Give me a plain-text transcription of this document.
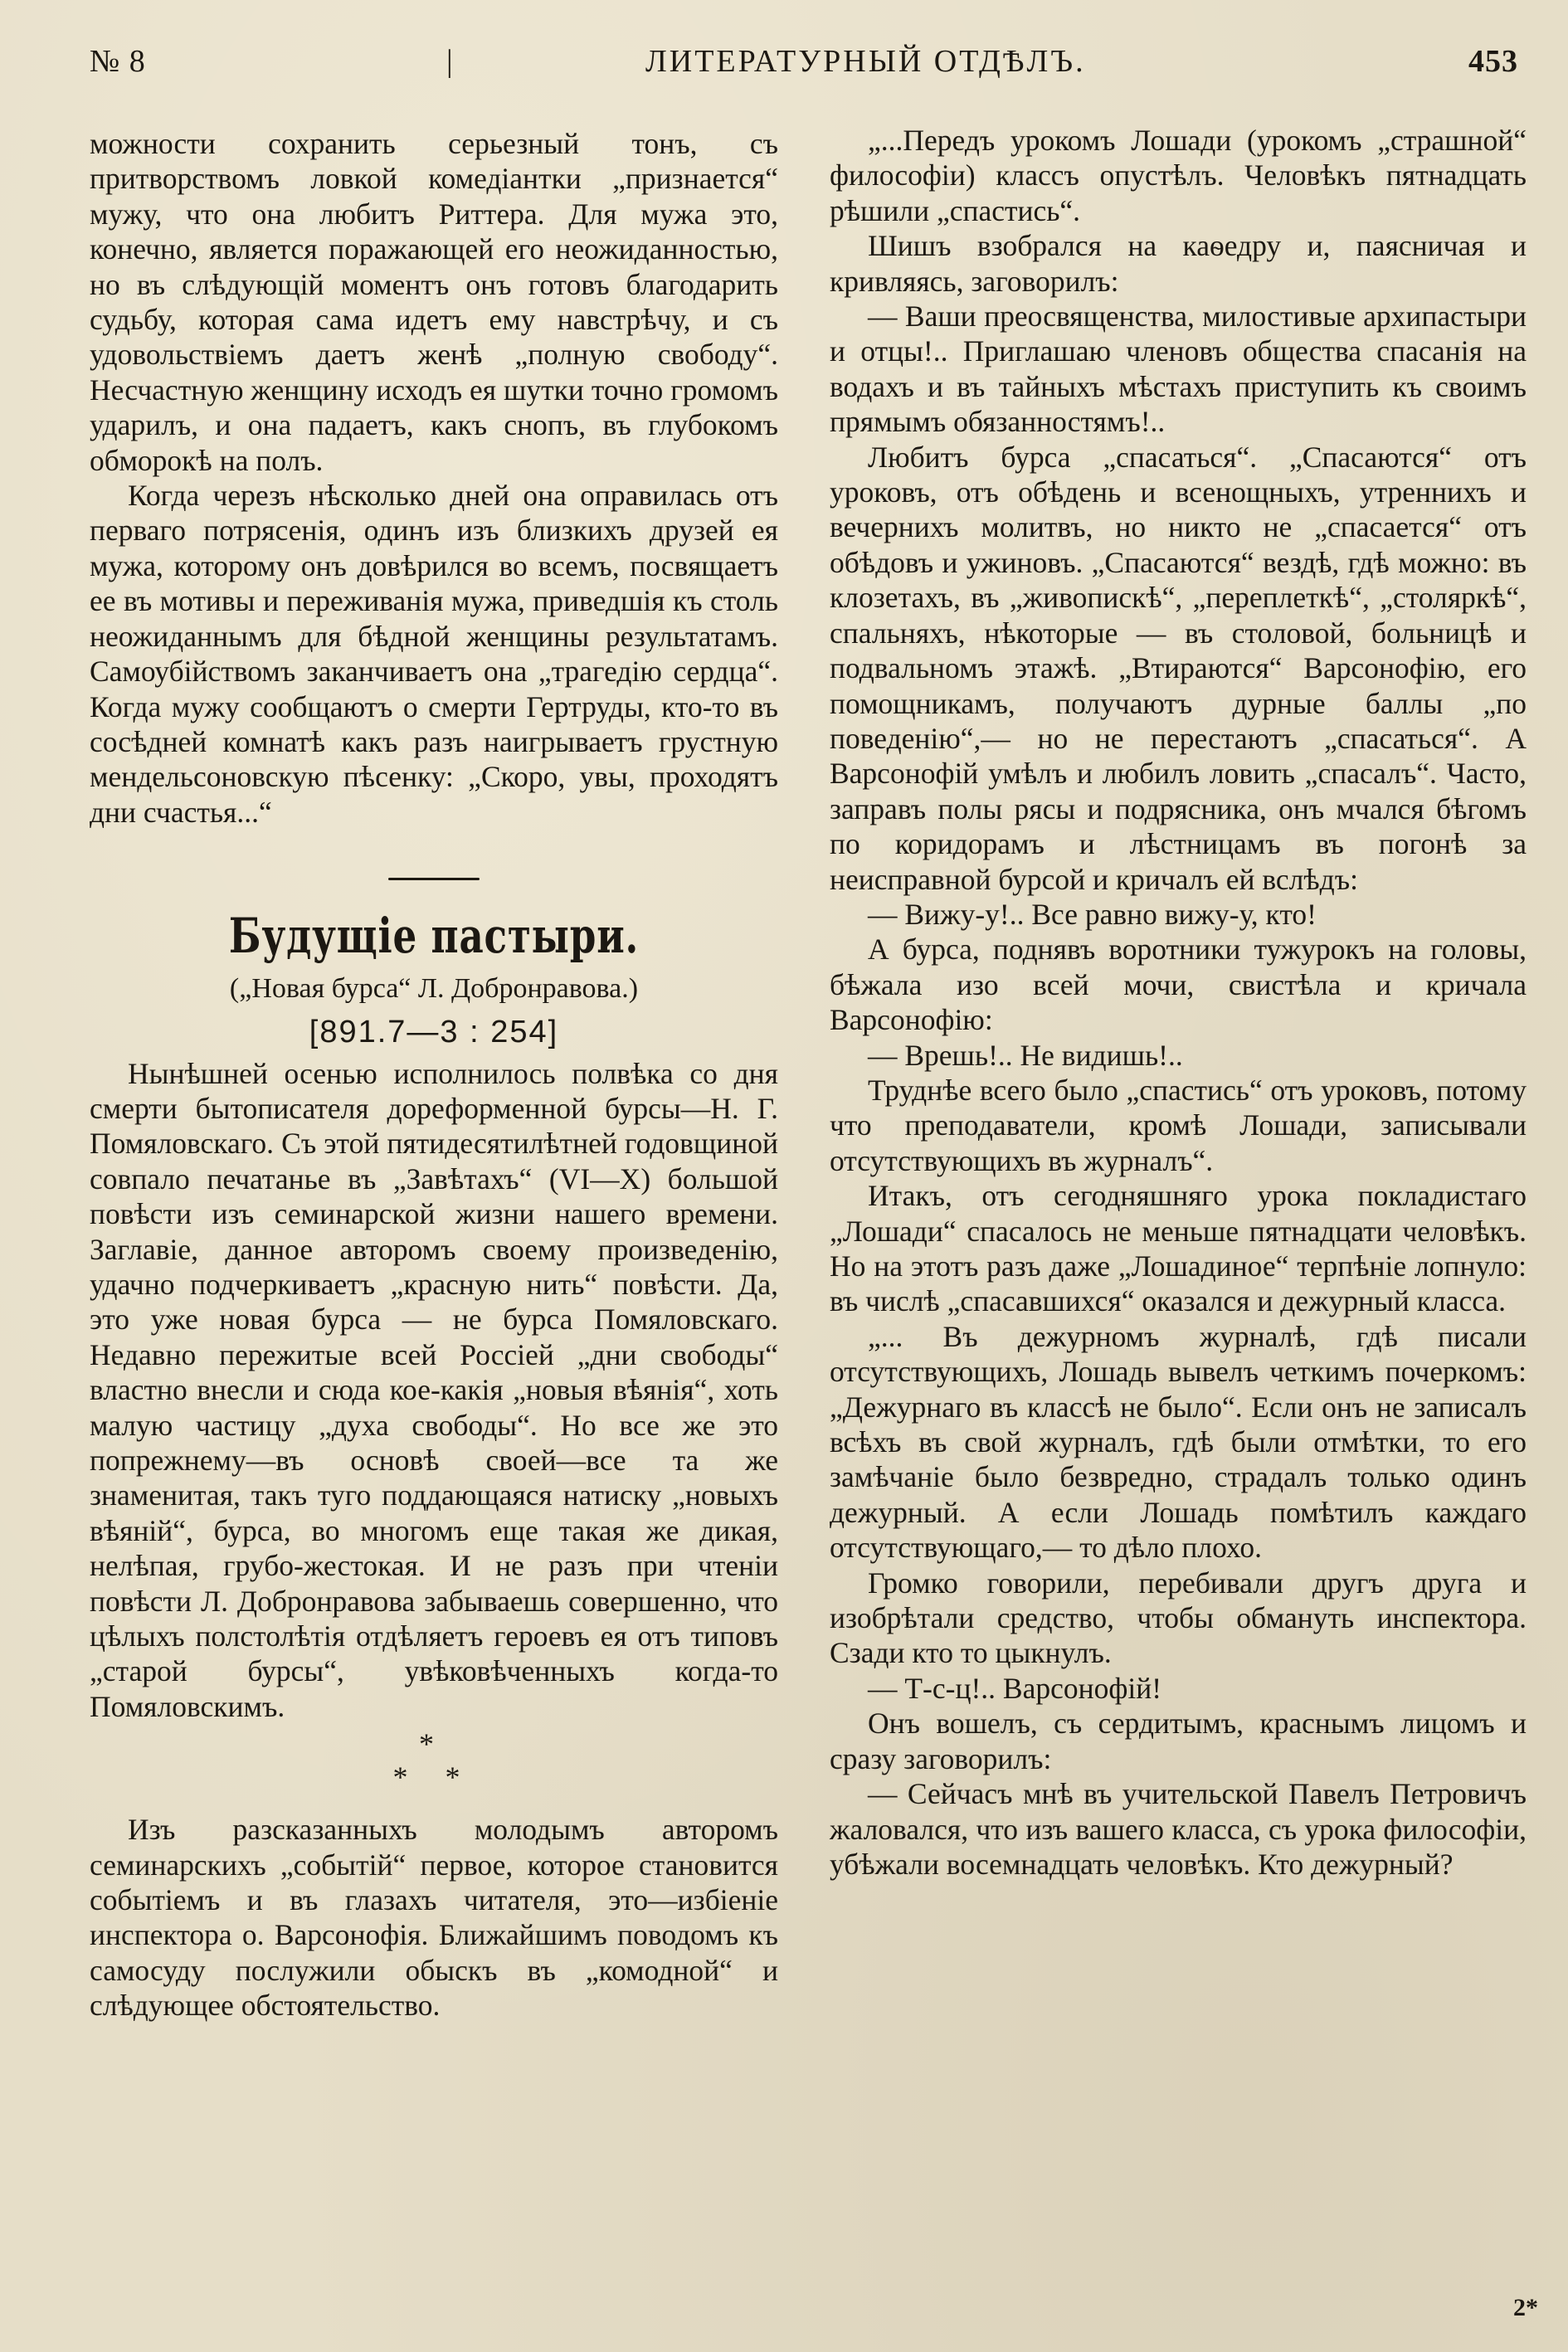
№ 8	|	ЛИТЕРАТУРНЫЙ ОТДѢЛЪ.	453

можности сохранить серьезный тонъ, съ притворствомъ ловкой комедіантки „признается“ мужу, что она любитъ Риттера. Для мужа это, конечно, является поражающей его неожиданностью, но въ слѣдующій моментъ онъ готовъ благодарить судьбу, которая сама идетъ ему навстрѣчу, и съ удовольствіемъ даетъ женѣ „полную свободу“. Несчастную женщину исходъ ея шутки точно громомъ ударилъ, и она падаетъ, какъ снопъ, въ глубокомъ обморокѣ на полъ.

Когда черезъ нѣсколько дней она оправилась отъ перваго потрясенія, одинъ изъ близкихъ друзей ея мужа, которому онъ довѣрился во всемъ, посвящаетъ ее въ мотивы и переживанія мужа, приведшія къ столь неожиданнымъ для бѣдной женщины результатамъ. Самоубійствомъ заканчиваетъ она „трагедію сердца“. Когда мужу сообщаютъ о смерти Гертруды, кто-то въ сосѣдней комнатѣ какъ разъ наигрываетъ грустную мендельсоновскую пѣсенку: „Скоро, увы, проходятъ дни счастья...“

Будущіе пастыри.
(„Новая бурса“ Л. Добронравова.)
[891.7—3 : 254]

Нынѣшней осенью исполнилось полвѣка со дня смерти бытописателя дореформенной бурсы—Н. Г. Помяловскаго. Съ этой пятидесятилѣтней годовщиной совпало печатанье въ „Завѣтахъ“ (VI—X) большой повѣсти изъ семинарской жизни нашего времени. Заглавіе, данное авторомъ своему произведенію, удачно подчеркиваетъ „красную нить“ повѣсти. Да, это уже новая бурса — не бурса Помяловскаго. Недавно пережитые всей Россіей „дни свободы“ властно внесли и сюда кое-какія „новыя вѣянія“, хоть малую частицу „духа свободы“. Но все же это попрежнему—въ основѣ своей—все та же знаменитая, такъ туго поддающаяся натиску „новыхъ вѣяній“, бурса, во многомъ еще такая же дикая, нелѣпая, грубо-жестокая. И не разъ при чтеніи повѣсти Л. Добронравова забываешь совершенно, что цѣлыхъ полстолѣтія отдѣляетъ героевъ ея отъ типовъ „старой бурсы“, увѣковѣченныхъ когда-то Помяловскимъ.

*
* *

Изъ разсказанныхъ молодымъ авторомъ семинарскихъ „событій“ первое, которое становится событіемъ и въ глазахъ читателя, это—избіеніе инспектора о. Варсонофія. Ближайшимъ поводомъ къ самосуду послужили обыскъ въ „комодной“ и слѣдующее обстоятельство.

„...Передъ урокомъ Лошади (урокомъ „страшной“ философіи) классъ опустѣлъ. Человѣкъ пятнадцать рѣшили „спастись“.

Шишъ взобрался на каѳедру и, паясничая и кривляясь, заговорилъ:

— Ваши преосвященства, милостивые архипастыри и отцы!.. Приглашаю членовъ общества спасанія на водахъ и въ тайныхъ мѣстахъ приступить къ своимъ прямымъ обязанностямъ!..

Любитъ бурса „спасаться“. „Спасаются“ отъ уроковъ, отъ обѣдень и всенощныхъ, утреннихъ и вечернихъ молитвъ, но никто не „спасается“ отъ обѣдовъ и ужиновъ. „Спасаются“ вездѣ, гдѣ можно: въ клозетахъ, въ „живопискѣ“, „переплеткѣ“, „столяркѣ“, спальняхъ, нѣкоторые — въ столовой, больницѣ и подвальномъ этажѣ. „Втираются“ Варсонофію, его помощникамъ, получаютъ дурные баллы „по поведенію“,— но не перестаютъ „спасаться“. А Варсонофій умѣлъ и любилъ ловить „спасалъ“. Часто, заправъ полы рясы и подрясника, онъ мчался бѣгомъ по коридорамъ и лѣстницамъ въ погонѣ за неисправной бурсой и кричалъ ей вслѣдъ:

— Вижу-у!.. Все равно вижу-у, кто!

А бурса, поднявъ воротники тужурокъ на головы, бѣжала изо всей мочи, свистѣла и кричала Варсонофію:

— Врешь!.. Не видишь!..

Труднѣе всего было „спастись“ отъ уроковъ, потому что преподаватели, кромѣ Лошади, записывали отсутствующихъ въ журналъ“.

Итакъ, отъ сегодняшняго урока покладистаго „Лошади“ спасалось не меньше пятнадцати человѣкъ. Но на этотъ разъ даже „Лошадиное“ терпѣніе лопнуло: въ числѣ „спасавшихся“ оказался и дежурный класса.

„... Въ дежурномъ журналѣ, гдѣ писали отсутствующихъ, Лошадь вывелъ четкимъ почеркомъ: „Дежурнаго въ классѣ не было“. Если онъ не записалъ всѣхъ въ свой журналъ, гдѣ были отмѣтки, то его замѣчаніе было безвредно, страдалъ только одинъ дежурный. А если Лошадь помѣтилъ каждаго отсутствующаго,— то дѣло плохо.

Громко говорили, перебивали другъ друга и изобрѣтали средство, чтобы обмануть инспектора. Сзади кто то цыкнулъ.

— Т-с-ц!.. Варсонофій!

Онъ вошелъ, съ сердитымъ, краснымъ лицомъ и сразу заговорилъ:

— Сейчасъ мнѣ въ учительской Павелъ Петровичъ жаловался, что изъ вашего класса, съ урока философіи, убѣжали восемнадцать человѣкъ. Кто дежурный?

2*
